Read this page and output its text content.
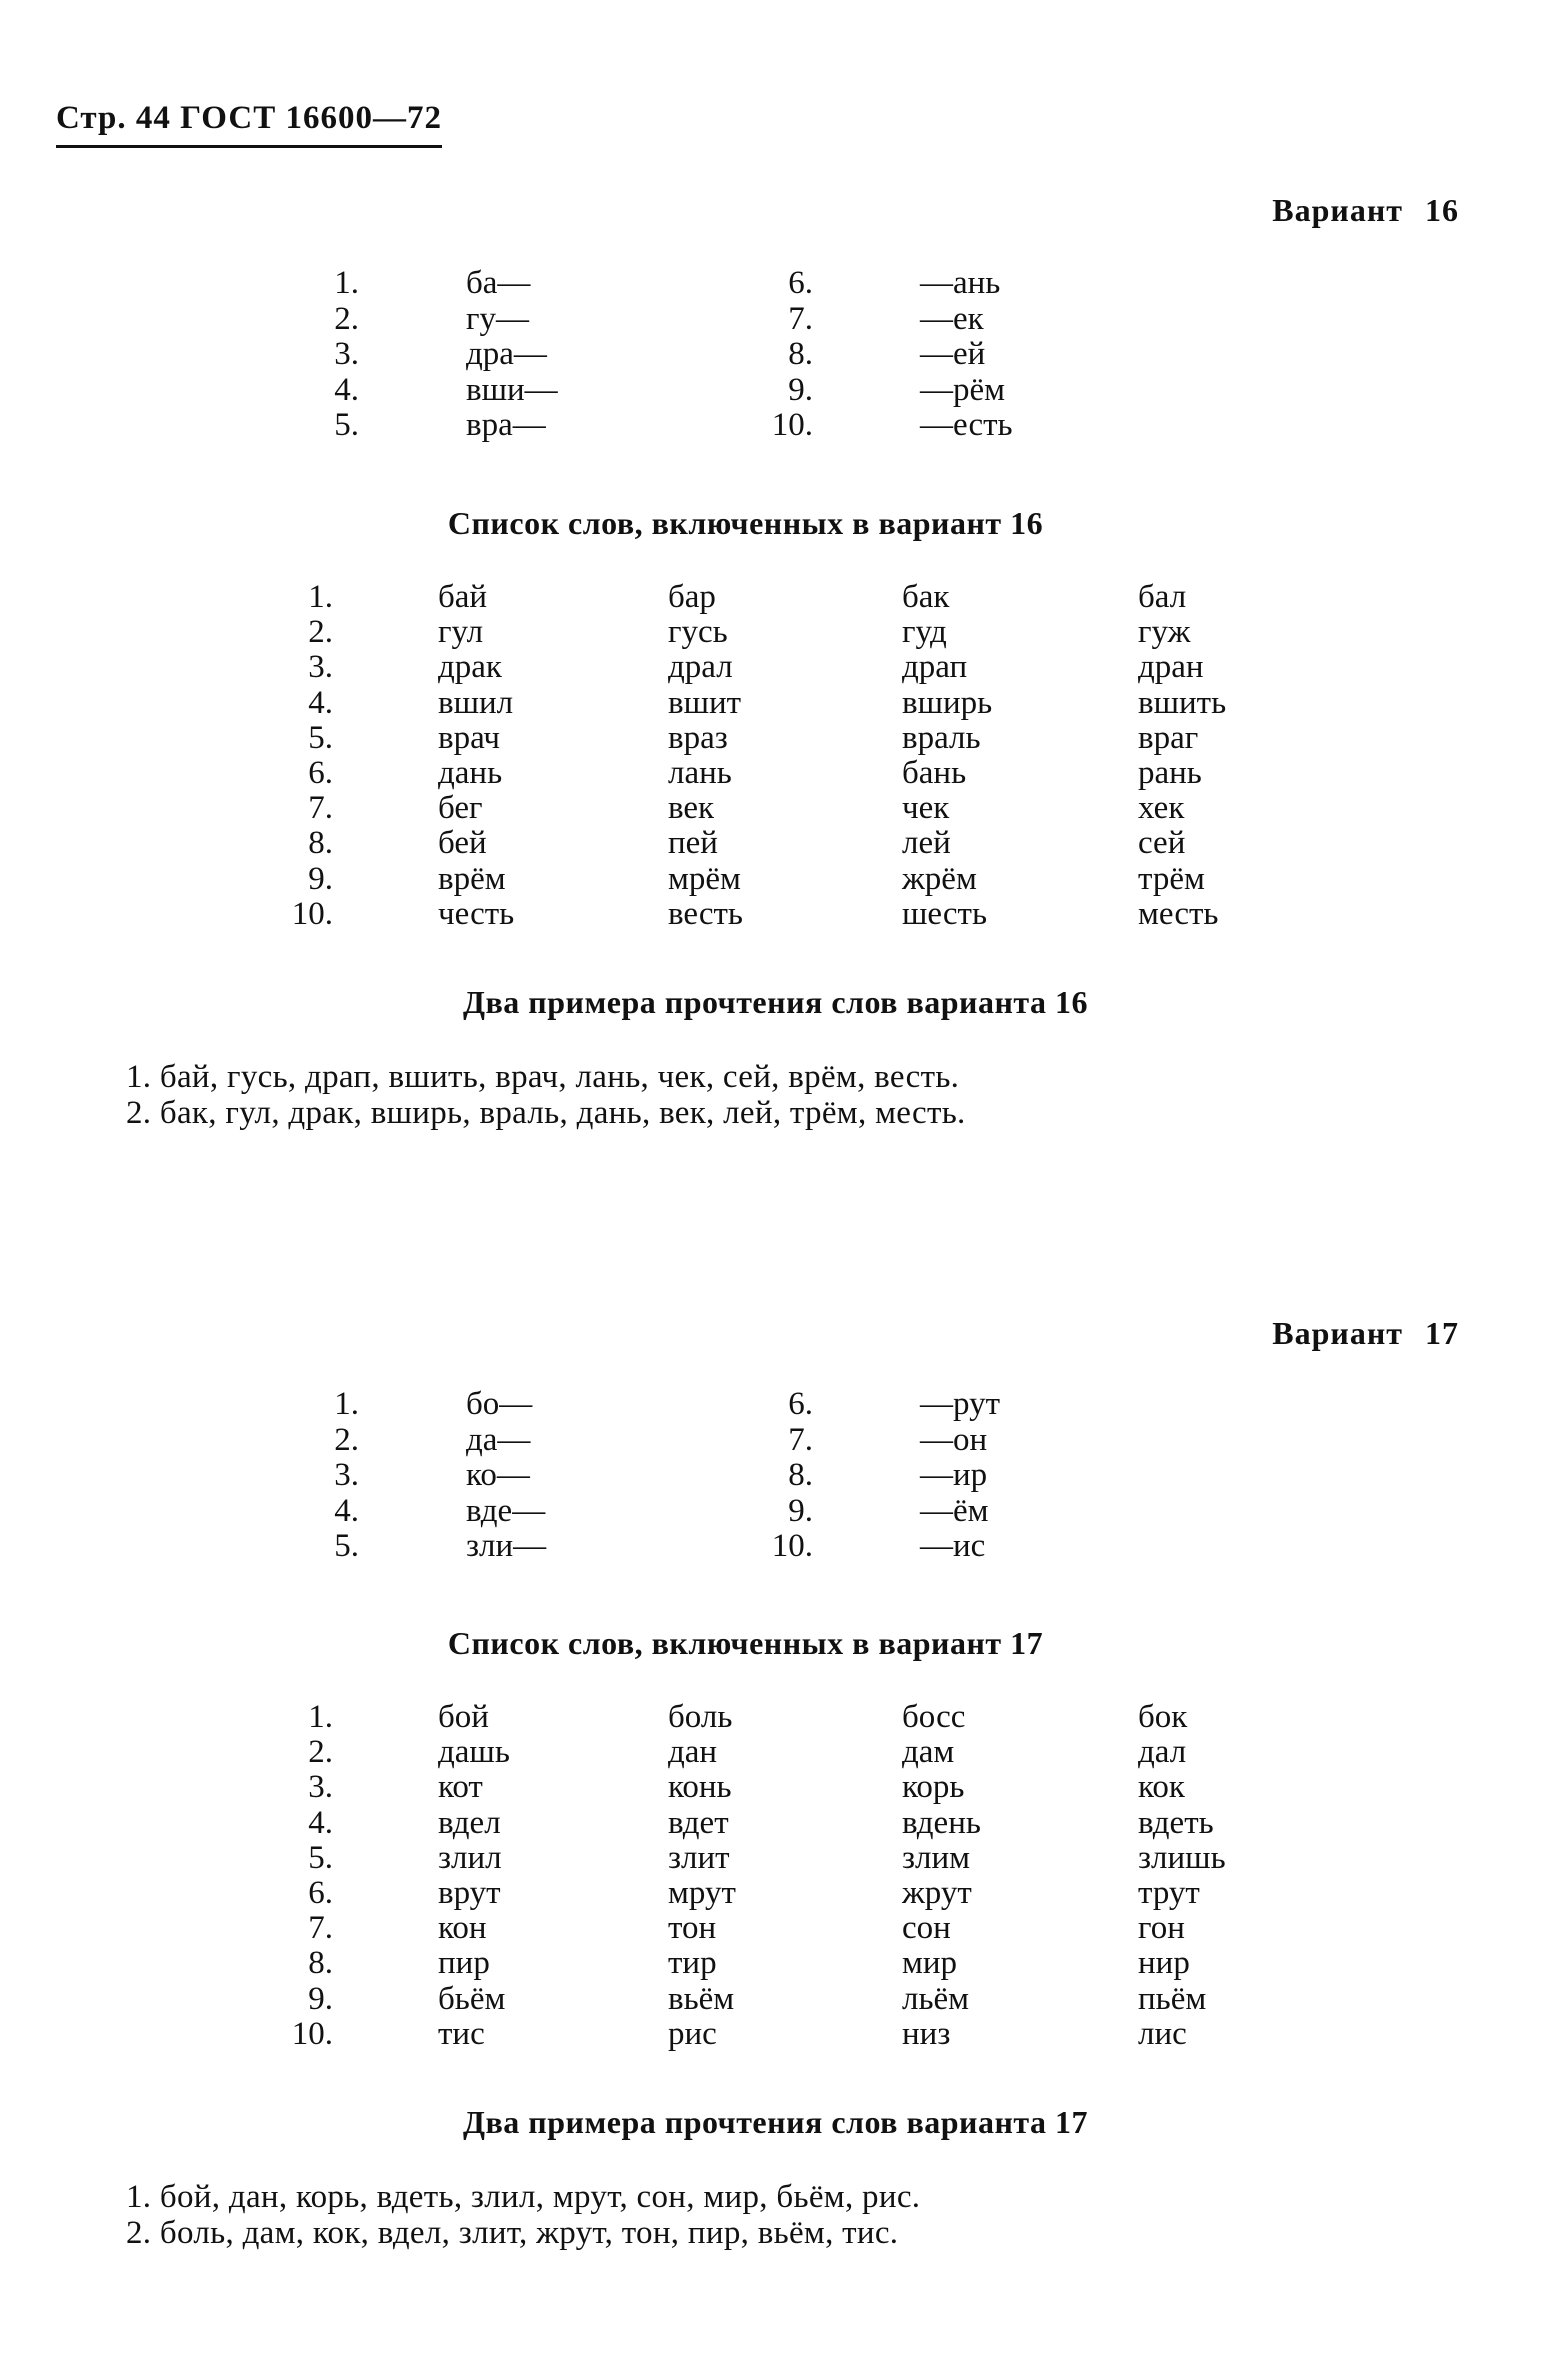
Стр. 44 ГОСТ 16600—72
Вариант 16
1.	ба—	6.	—ань
2.	гу—	7.	—ек
3.	дра—	8.	—ей
4.	вши—	9.	—рём
5.	вра—	10.	—есть
Список слов, включенных в вариант 16
1.	бай	бар	бак	бал
2.	гул	гусь	гуд	гуж
3.	драк	драл	драп	дран
4.	вшил	вшит	вширь	вшить
5.	врач	враз	враль	враг
6.	дань	лань	бань	рань
7.	бег	век	чек	хек
8.	бей	пей	лей	сей
9.	врём	мрём	жрём	трём
10.	честь	весть	шесть	месть
Два примера прочтения слов варианта 16
1. бай, гусь, драп, вшить, врач, лань, чек, сей, врём, весть.
2. бак, гул, драк, вширь, враль, дань, век, лей, трём, месть.
Вариант 17
1.	бо—	6.	—рут
2.	да—	7.	—он
3.	ко—	8.	—ир
4.	вде—	9.	—ём
5.	зли—	10.	—ис
Список слов, включенных в вариант 17
1.	бой	боль	босс	бок
2.	дашь	дан	дам	дал
3.	кот	конь	корь	кок
4.	вдел	вдет	вдень	вдеть
5.	злил	злит	злим	злишь
6.	врут	мрут	жрут	трут
7.	кон	тон	сон	гон
8.	пир	тир	мир	нир
9.	бьём	вьём	льём	пьём
10.	тис	рис	низ	лис
Два примера прочтения слов варианта 17
1. бой, дан, корь, вдеть, злил, мрут, сон, мир, бьём, рис.
2. боль, дам, кок, вдел, злит, жрут, тон, пир, вьём, тис.
